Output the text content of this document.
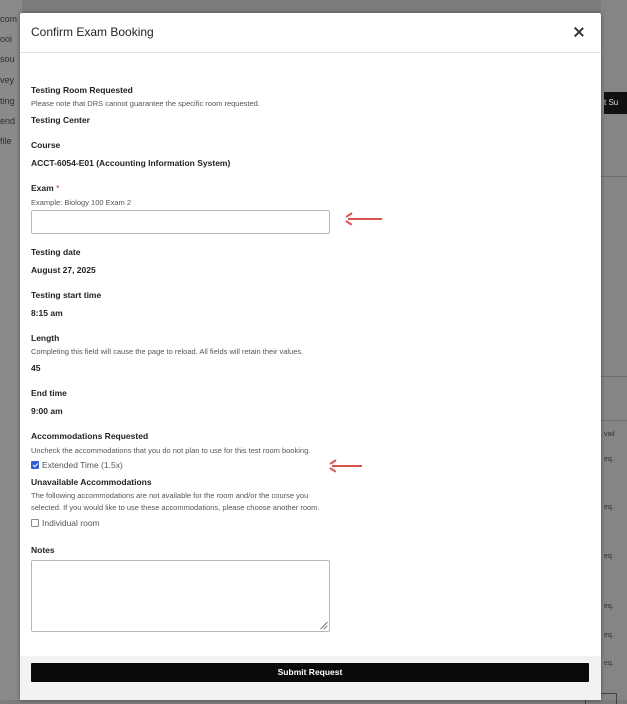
com
ooi
sou
vey
ting
end
file
t Su
vail
eq.
eq.
eq.
eq.
eq.
eq.
Confirm Exam Booking
Testing Room Requested
Please note that DRS cannot guarantee the specific room requested.
Testing Center
Course
ACCT-6054-E01 (Accounting Information System)
Exam *
Example: Biology 100 Exam 2
Testing date
August 27, 2025
Testing start time
8:15 am
Length
Completing this field will cause the page to reload. All fields will retain their values.
45
End time
9:00 am
Accommodations Requested
Uncheck the accommodations that you do not plan to use for this test room booking.
Extended Time (1.5x)
Unavailable Accommodations
The following accommodations are not available for the room and/or the course you
selected. If you would like to use these accommodations, please choose another room.
Individual room
Notes
Submit Request
